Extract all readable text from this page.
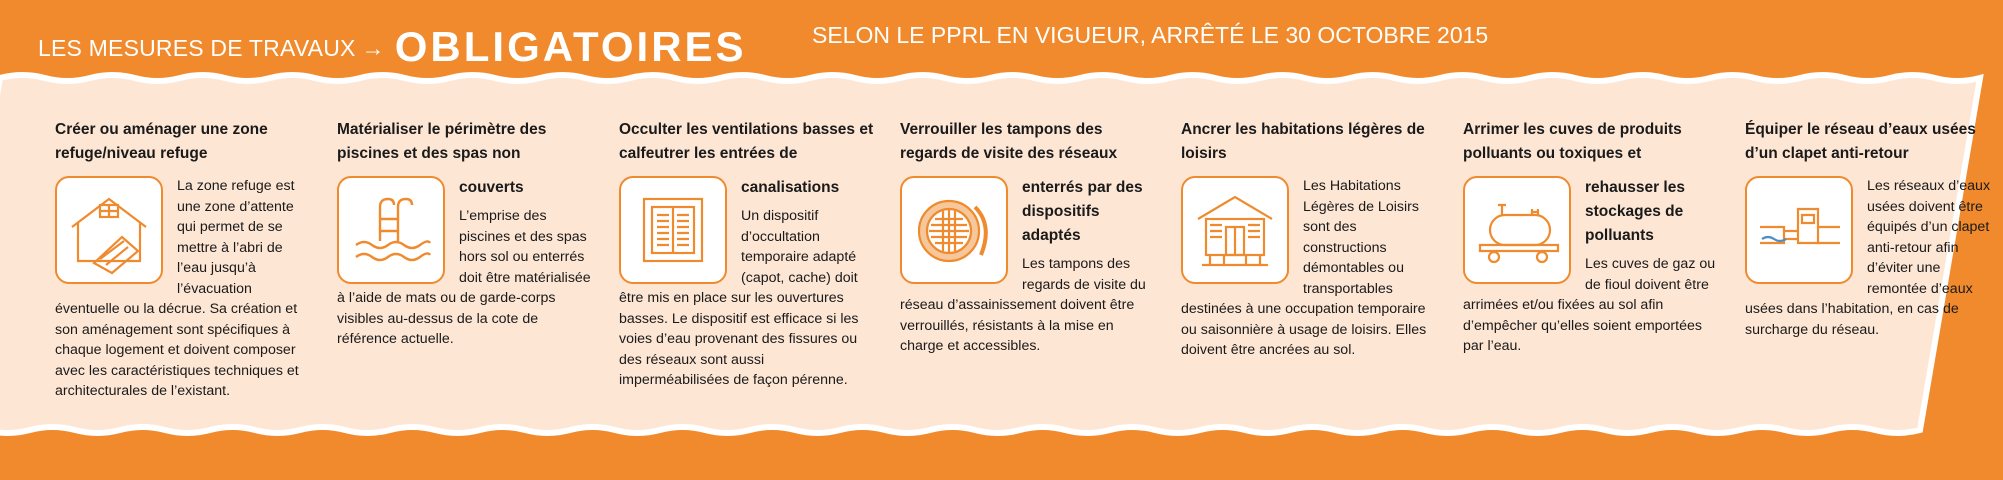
LES MESURES DE TRAVAUX → OBLIGATOIRES	SELON LE PPRL EN VIGUEUR, ARRÊTÉ LE 30 OCTOBRE 2015
Créer ou aménager une zone refuge/niveau refuge
La zone refuge est une zone d’attente qui permet de se mettre à l’abri de l’eau jusqu’à l’évacuation éventuelle ou la décrue. Sa création et son aménagement sont spécifiques à chaque logement et doivent composer avec les caractéristiques techniques et architecturales de l’existant.
Matérialiser le périmètre des piscines et des spas non
couverts
L’emprise des piscines et des spas hors sol ou enterrés doit être matérialisée à l’aide de mats ou de garde-corps visibles au-dessus de la cote de référence actuelle.
Occulter les ventilations basses et calfeutrer les entrées de
canalisations
Un dispositif d’occultation temporaire adapté (capot, cache) doit être mis en place sur les ouvertures basses. Le dispositif est efficace si les voies d’eau provenant des fissures ou des réseaux sont aussi imperméabilisées de façon pérenne.
Verrouiller les tampons des regards de visite des réseaux
enterrés par des dispositifs adaptés
Les tampons des regards de visite du réseau d’assainissement doivent être verrouillés, résistants à la mise en charge et accessibles.
Ancrer les habitations légères de loisirs
Les Habitations Légères de Loisirs sont des constructions démontables ou transportables destinées à une occupation temporaire ou saisonnière à usage de loisirs. Elles doivent être ancrées au sol.
Arrimer les cuves de produits polluants ou toxiques et
rehausser les stockages de polluants
Les cuves de gaz ou de fioul doivent être arrimées et/ou fixées au sol afin d’empêcher qu’elles soient emportées par l’eau.
Équiper le réseau d’eaux usées d’un clapet anti-retour
Les réseaux d’eaux usées doivent être équipés d’un clapet anti-retour afin d’éviter une remontée d’eaux usées dans l’habitation, en cas de surcharge du réseau.
